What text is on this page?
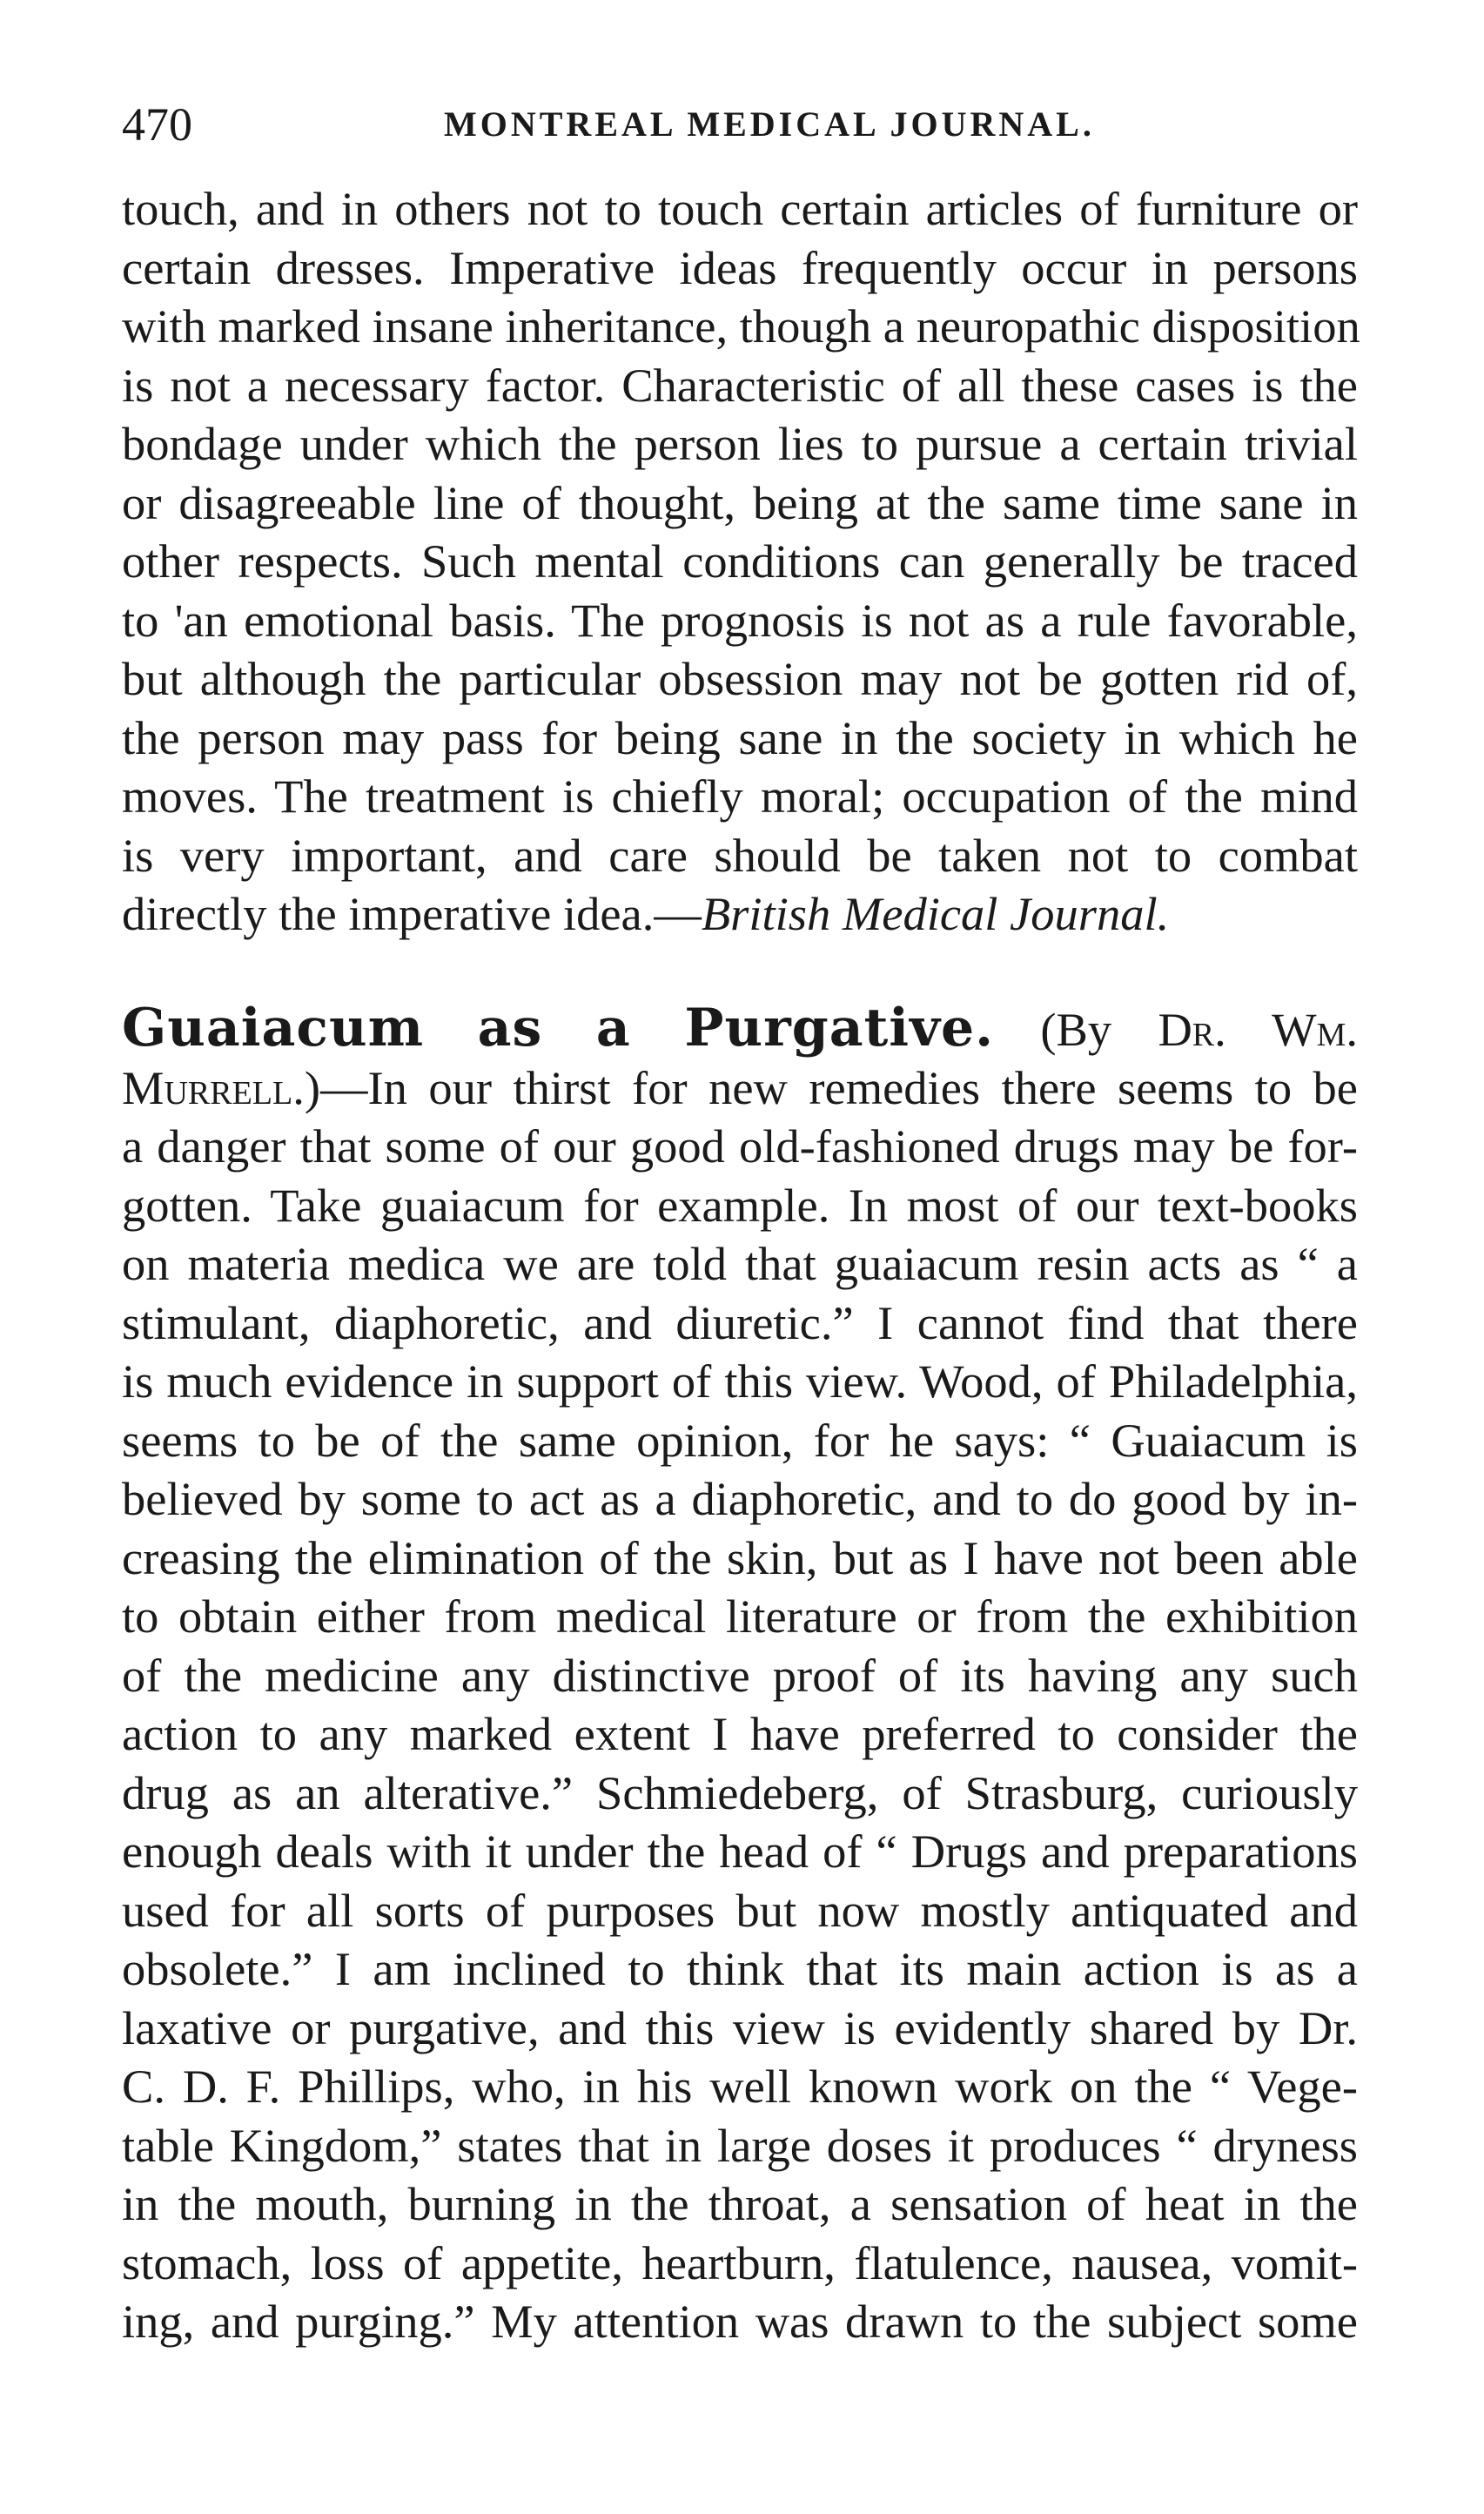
470	MONTREAL MEDICAL JOURNAL.
touch, and in others not to touch certain articles of furniture or
certain dresses. Imperative ideas frequently occur in persons
with marked insane inheritance, though a neuropathic disposition
is not a necessary factor. Characteristic of all these cases is the
bondage under which the person lies to pursue a certain trivial
or disagreeable line of thought, being at the same time sane in
other respects. Such mental conditions can generally be traced
to 'an emotional basis. The prognosis is not as a rule favorable,
but although the particular obsession may not be gotten rid of,
the person may pass for being sane in the society in which he
moves. The treatment is chiefly moral; occupation of the mind
is very important, and care should be taken not to combat
directly the imperative idea.—British Medical Journal.
Guaiacum as a Purgative. (By Dr. Wm.
Murrell.)—In our thirst for new remedies there seems to be
a danger that some of our good old-fashioned drugs may be for-
gotten. Take guaiacum for example. In most of our text-books
on materia medica we are told that guaiacum resin acts as “ a
stimulant, diaphoretic, and diuretic.” I cannot find that there
is much evidence in support of this view. Wood, of Philadelphia,
seems to be of the same opinion, for he says: “ Guaiacum is
believed by some to act as a diaphoretic, and to do good by in-
creasing the elimination of the skin, but as I have not been able
to obtain either from medical literature or from the exhibition
of the medicine any distinctive proof of its having any such
action to any marked extent I have preferred to consider the
drug as an alterative.” Schmiedeberg, of Strasburg, curiously
enough deals with it under the head of “ Drugs and preparations
used for all sorts of purposes but now mostly antiquated and
obsolete.” I am inclined to think that its main action is as a
laxative or purgative, and this view is evidently shared by Dr.
C. D. F. Phillips, who, in his well known work on the “ Vege-
table Kingdom,” states that in large doses it produces “ dryness
in the mouth, burning in the throat, a sensation of heat in the
stomach, loss of appetite, heartburn, flatulence, nausea, vomit-
ing, and purging.” My attention was drawn to the subject some
